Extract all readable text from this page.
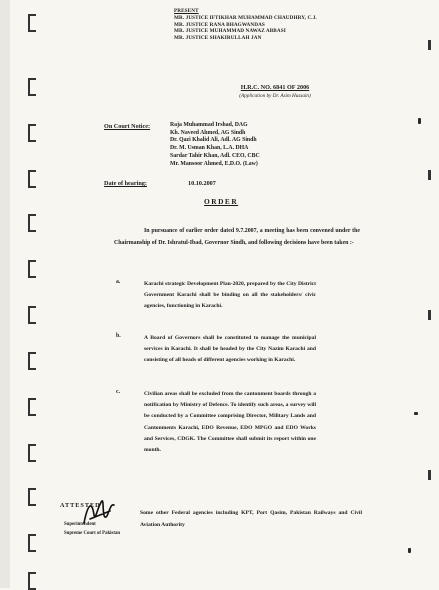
PRESENT
MR. JUSTICE IFTIKHAR MUHAMMAD CHAUDHRY, C.J.
MR. JUSTICE RANA BHAGWANDAS
MR. JUSTICE MUHAMMAD NAWAZ ABBASI
MR. JUSTICE SHAKIRULLAH JAN
H.R.C. NO. 6841 OF 2006
(Application by Dr. Asim Hussain)
On Court Notice:	Raja Muhammad Irshad, DAG
Kh. Naveed Ahmed, AG Sindh
Dr. Qazi Khalid Ali, Adl. AG Sindh
Dr. M. Usman Khan, L.A. DHA
Sardar Tahir Khan, Adl. CEO, CBC
Mr. Mansoor Ahmed, E.D.O. (Law)
Date of hearing:	10.10.2007
ORDER
In pursuance of earlier order dated 9.7.2007, a meeting has been convened under the Chairmanship of Dr. Ishratul-Ibad, Governor Sindh, and following decisions have been taken :-
a.	Karachi strategic Development Plan-2020, prepared by the City District Government Karachi shall be binding on all the stakeholders/ civic agencies, functioning in Karachi.
b.	A Board of Governors shall be constituted to manage the municipal services in Karachi. It shall be headed by the City Nazim Karachi and consisting of all heads of different agencies working in Karachi.
c.	Civilian areas shall be excluded from the cantonment boards through a notification by Ministry of Defence. To identify such areas, a survey will be conducted by a Committee comprising Director, Military Lands and Cantonments Karachi, EDO Revenue, EDO MPGO and EDO Works and Services, CDGK. The Committee shall submit its report within one month.
ATTESTED
Superintendent
Supreme Court of Pakistan
Some other Federal agencies including KPT, Port Qasim, Pakistan Railways and Civil Aviation Authority
